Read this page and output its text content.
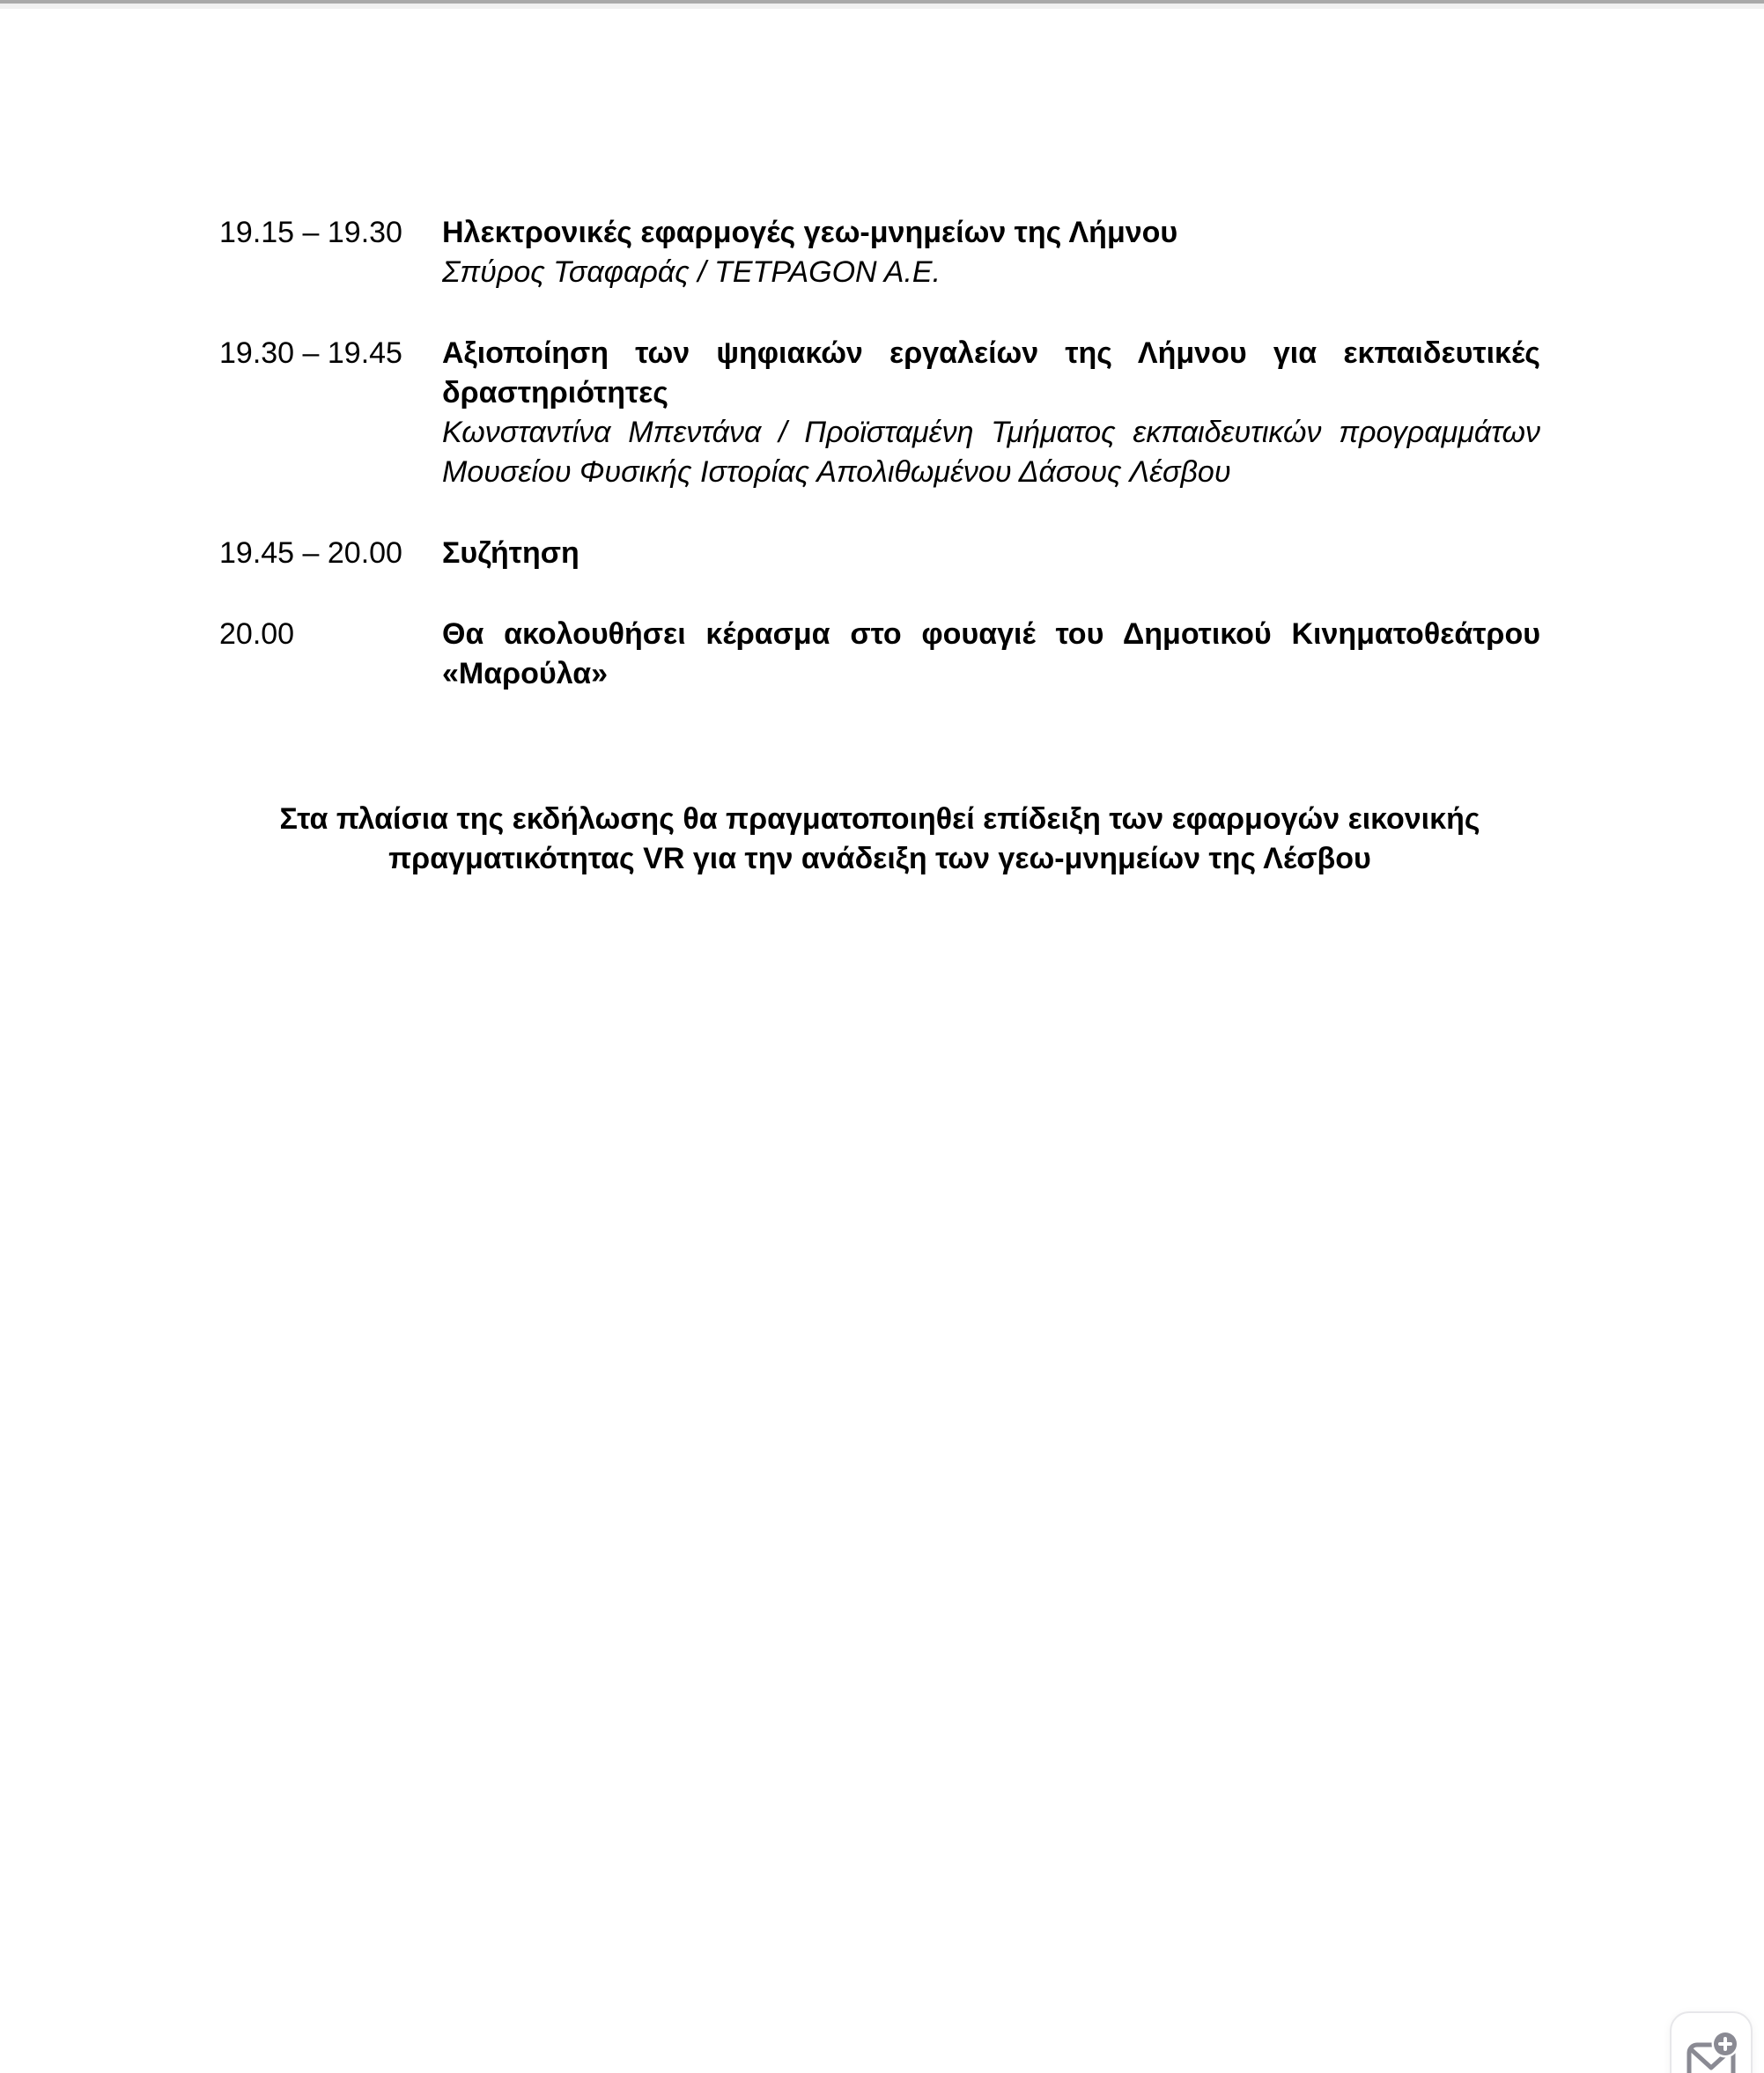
19.15 – 19.30	Ηλεκτρονικές εφαρμογές γεω-μνημείων της Λήμνου
Σπύρος Τσαφαράς / TETPAGON A.E.
19.30 – 19.45	Αξιοποίηση των ψηφιακών εργαλείων της Λήμνου για εκπαιδευτικές δραστηριότητες
Κωνσταντίνα Μπεντάνα / Προϊσταμένη Τμήματος εκπαιδευτικών προγραμμάτων Μουσείου Φυσικής Ιστορίας Απολιθωμένου Δάσους Λέσβου
19.45 – 20.00	Συζήτηση
20.00	Θα ακολουθήσει κέρασμα στο φουαγιέ του Δημοτικού Κινηματοθεάτρου «Μαρούλα»
Στα πλαίσια της εκδήλωσης θα πραγματοποιηθεί επίδειξη των εφαρμογών εικονικής πραγματικότητας VR για την ανάδειξη των γεω-μνημείων της Λέσβου
